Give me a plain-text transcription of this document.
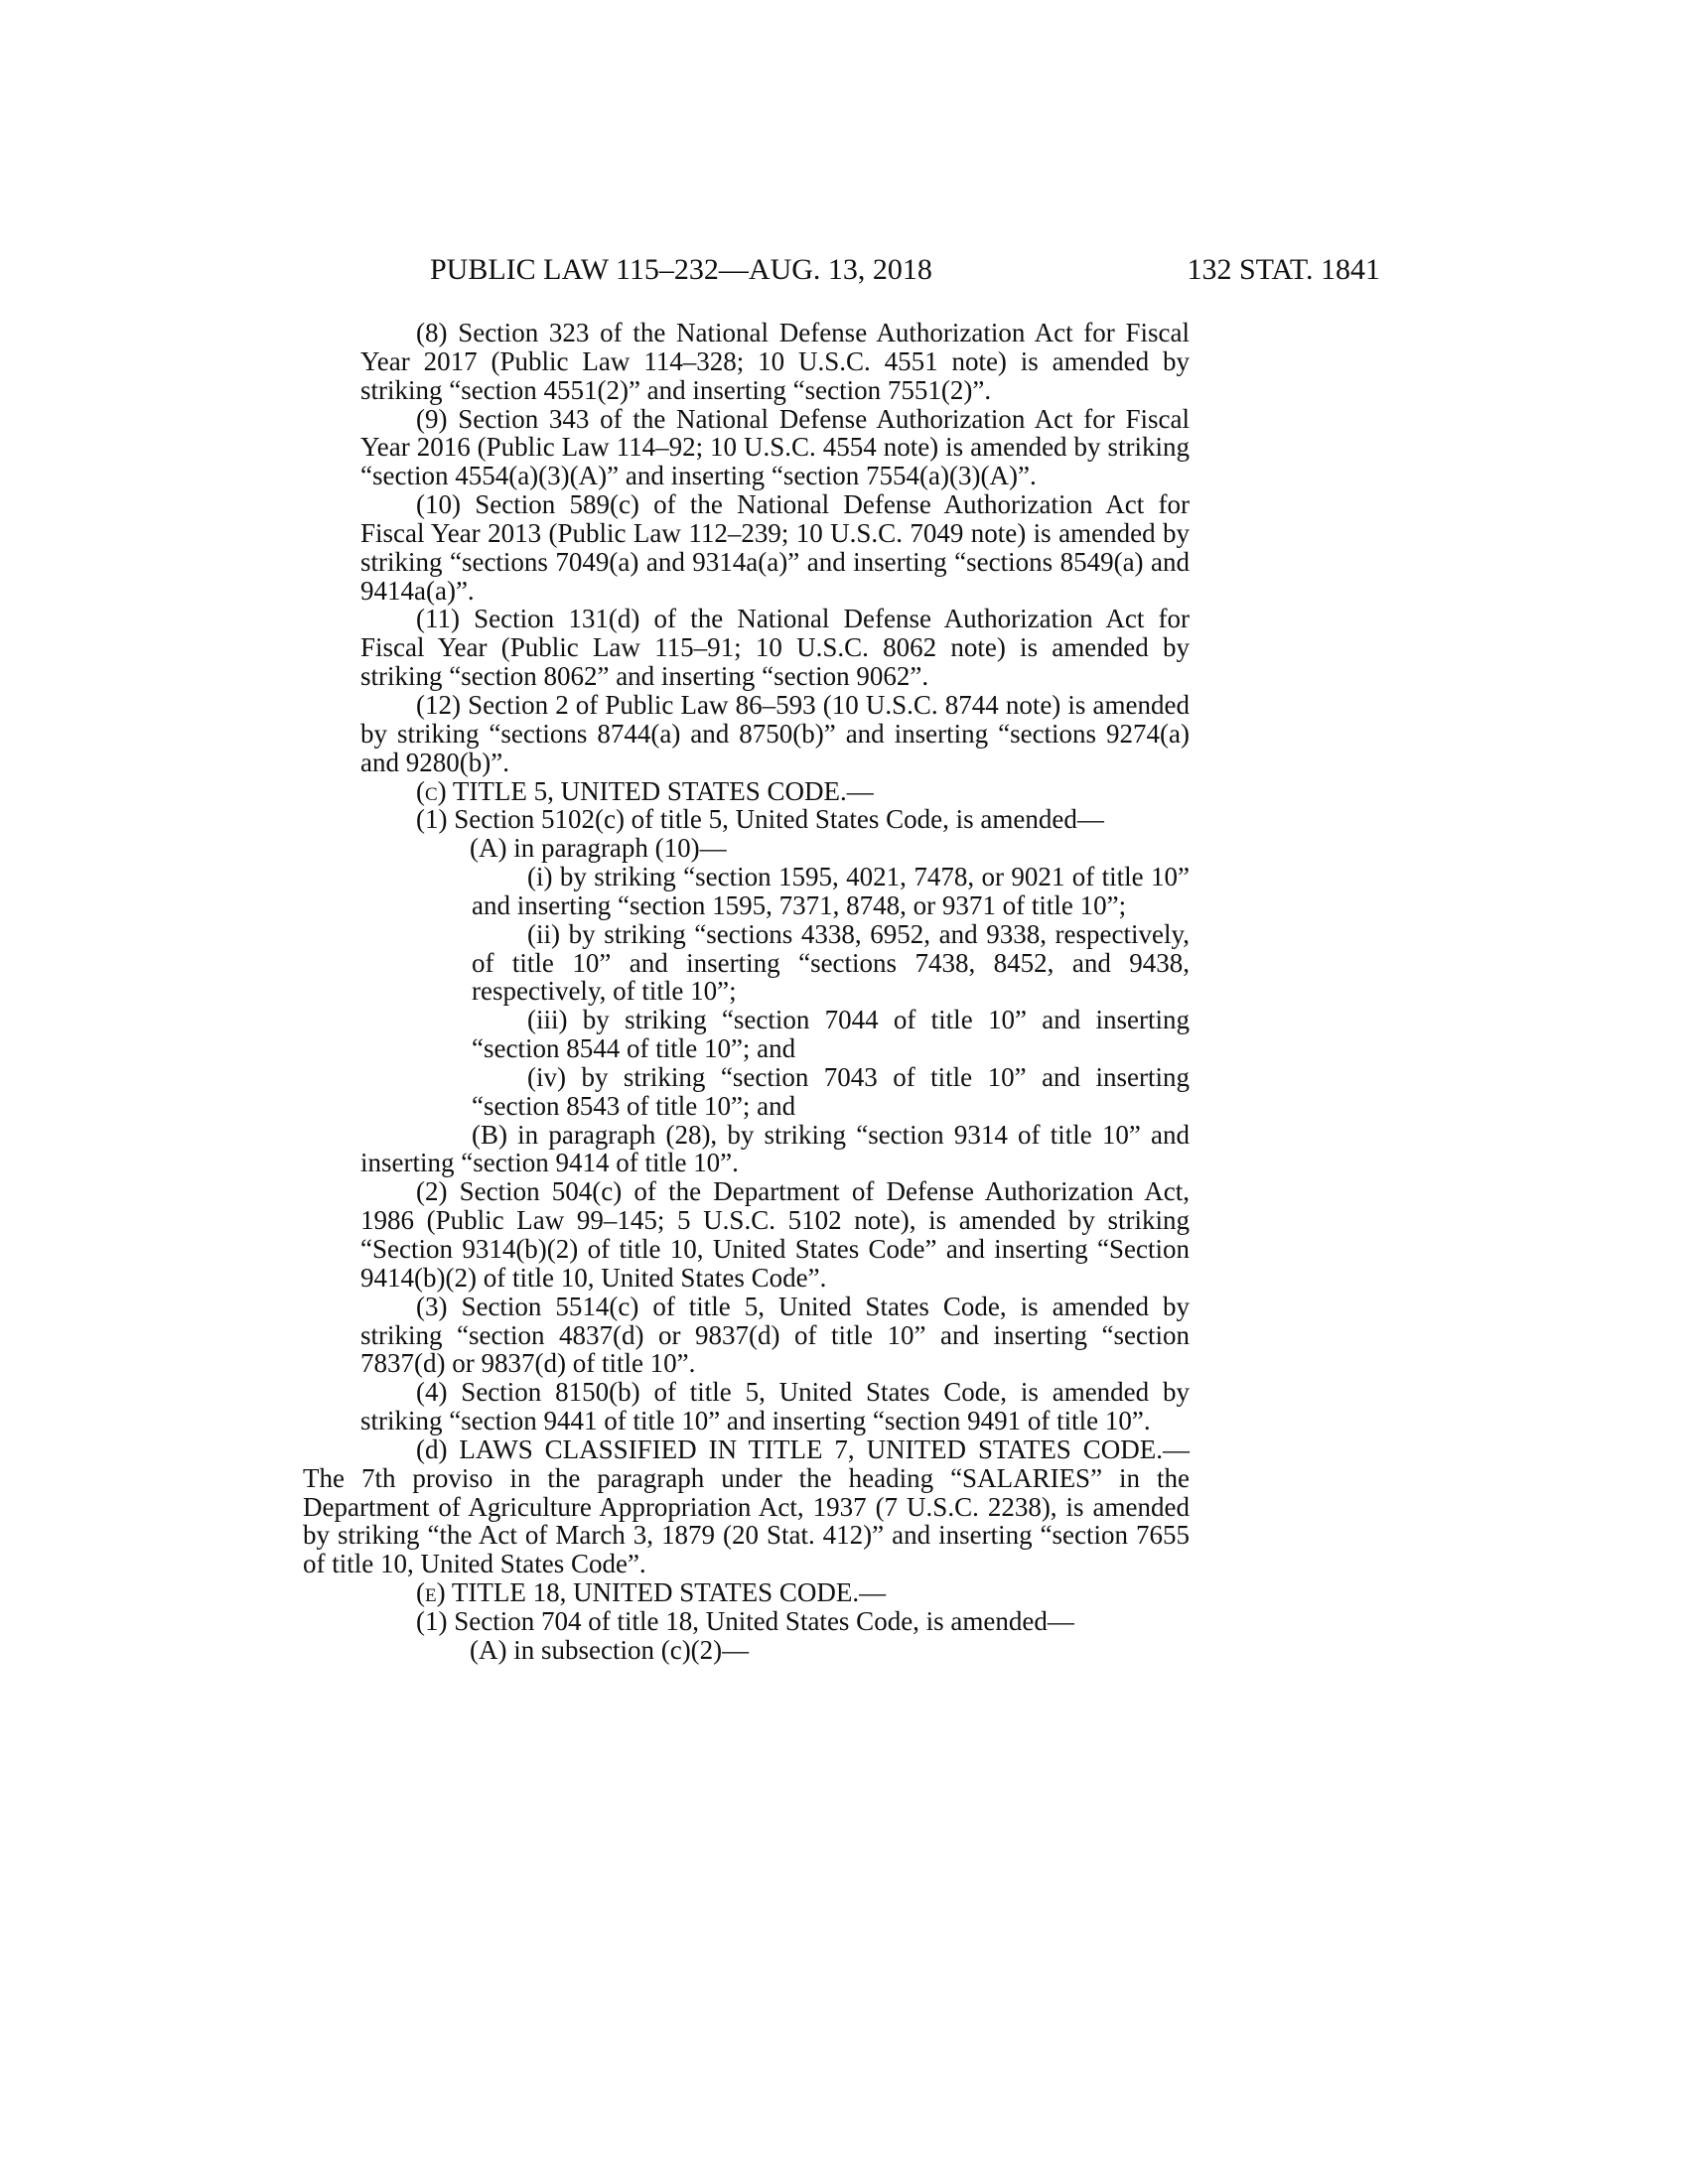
PUBLIC LAW 115–232—AUG. 13, 2018	132 STAT. 1841

(8) Section 323 of the National Defense Authorization Act for Fiscal Year 2017 (Public Law 114–328; 10 U.S.C. 4551 note) is amended by striking “section 4551(2)” and inserting “section 7551(2)”.

(9) Section 343 of the National Defense Authorization Act for Fiscal Year 2016 (Public Law 114–92; 10 U.S.C. 4554 note) is amended by striking “section 4554(a)(3)(A)” and inserting “section 7554(a)(3)(A)”.

(10) Section 589(c) of the National Defense Authorization Act for Fiscal Year 2013 (Public Law 112–239; 10 U.S.C. 7049 note) is amended by striking “sections 7049(a) and 9314a(a)” and inserting “sections 8549(a) and 9414a(a)”.

(11) Section 131(d) of the National Defense Authorization Act for Fiscal Year (Public Law 115–91; 10 U.S.C. 8062 note) is amended by striking “section 8062” and inserting “section 9062”.

(12) Section 2 of Public Law 86–593 (10 U.S.C. 8744 note) is amended by striking “sections 8744(a) and 8750(b)” and inserting “sections 9274(a) and 9280(b)”.

(c) TITLE 5, UNITED STATES CODE.—

(1) Section 5102(c) of title 5, United States Code, is amended—

(A) in paragraph (10)—

(i) by striking “section 1595, 4021, 7478, or 9021 of title 10” and inserting “section 1595, 7371, 8748, or 9371 of title 10”;

(ii) by striking “sections 4338, 6952, and 9338, respectively, of title 10” and inserting “sections 7438, 8452, and 9438, respectively, of title 10”;

(iii) by striking “section 7044 of title 10” and inserting “section 8544 of title 10”; and

(iv) by striking “section 7043 of title 10” and inserting “section 8543 of title 10”; and

(B) in paragraph (28), by striking “section 9314 of title 10” and inserting “section 9414 of title 10”.

(2) Section 504(c) of the Department of Defense Authorization Act, 1986 (Public Law 99–145; 5 U.S.C. 5102 note), is amended by striking “Section 9314(b)(2) of title 10, United States Code” and inserting “Section 9414(b)(2) of title 10, United States Code”.

(3) Section 5514(c) of title 5, United States Code, is amended by striking “section 4837(d) or 9837(d) of title 10” and inserting “section 7837(d) or 9837(d) of title 10”.

(4) Section 8150(b) of title 5, United States Code, is amended by striking “section 9441 of title 10” and inserting “section 9491 of title 10”.

(d) LAWS CLASSIFIED IN TITLE 7, UNITED STATES CODE.—The 7th proviso in the paragraph under the heading “SALARIES” in the Department of Agriculture Appropriation Act, 1937 (7 U.S.C. 2238), is amended by striking “the Act of March 3, 1879 (20 Stat. 412)” and inserting “section 7655 of title 10, United States Code”.

(e) TITLE 18, UNITED STATES CODE.—

(1) Section 704 of title 18, United States Code, is amended—

(A) in subsection (c)(2)—
